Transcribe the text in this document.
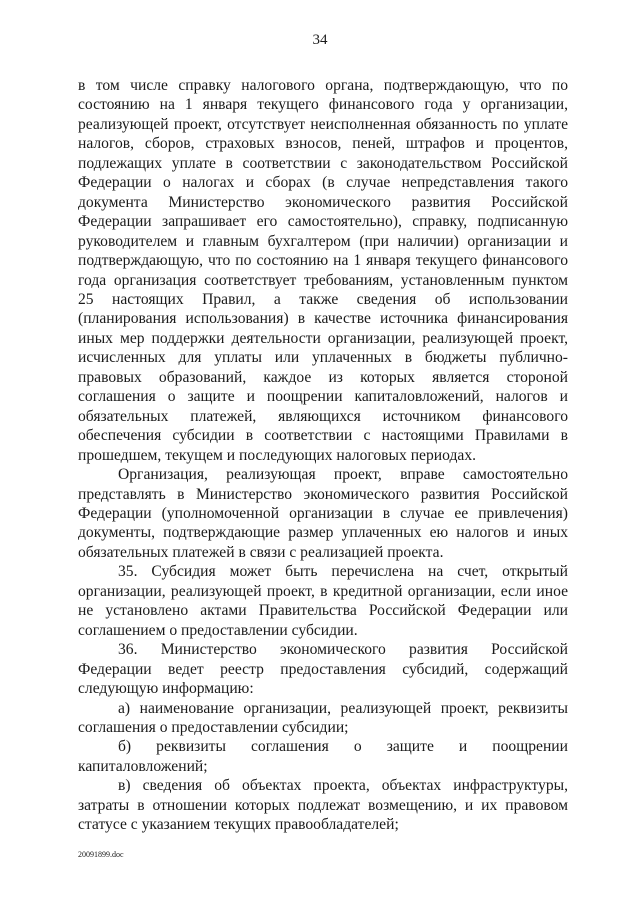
34

в том числе справку налогового органа, подтверждающую, что по состоянию на 1 января текущего финансового года у организации, реализующей проект, отсутствует неисполненная обязанность по уплате налогов, сборов, страховых взносов, пеней, штрафов и процентов, подлежащих уплате в соответствии с законодательством Российской Федерации о налогах и сборах (в случае непредставления такого документа Министерство экономического развития Российской Федерации запрашивает его самостоятельно), справку, подписанную руководителем и главным бухгалтером (при наличии) организации и подтверждающую, что по состоянию на 1 января текущего финансового года организация соответствует требованиям, установленным пунктом 25 настоящих Правил, а также сведения об использовании (планирования использования) в качестве источника финансирования иных мер поддержки деятельности организации, реализующей проект, исчисленных для уплаты или уплаченных в бюджеты публично-правовых образований, каждое из которых является стороной соглашения о защите и поощрении капиталовложений, налогов и обязательных платежей, являющихся источником финансового обеспечения субсидии в соответствии с настоящими Правилами в прошедшем, текущем и последующих налоговых периодах.

Организация, реализующая проект, вправе самостоятельно представлять в Министерство экономического развития Российской Федерации (уполномоченной организации в случае ее привлечения) документы, подтверждающие размер уплаченных ею налогов и иных обязательных платежей в связи с реализацией проекта.

35. Субсидия может быть перечислена на счет, открытый организации, реализующей проект, в кредитной организации, если иное не установлено актами Правительства Российской Федерации или соглашением о предоставлении субсидии.

36. Министерство экономического развития Российской Федерации ведет реестр предоставления субсидий, содержащий следующую информацию:

а) наименование организации, реализующей проект, реквизиты соглашения о предоставлении субсидии;

б) реквизиты соглашения о защите и поощрении капиталовложений;

в) сведения об объектах проекта, объектах инфраструктуры, затраты в отношении которых подлежат возмещению, и их правовом статусе с указанием текущих правообладателей;

20091899.doc
